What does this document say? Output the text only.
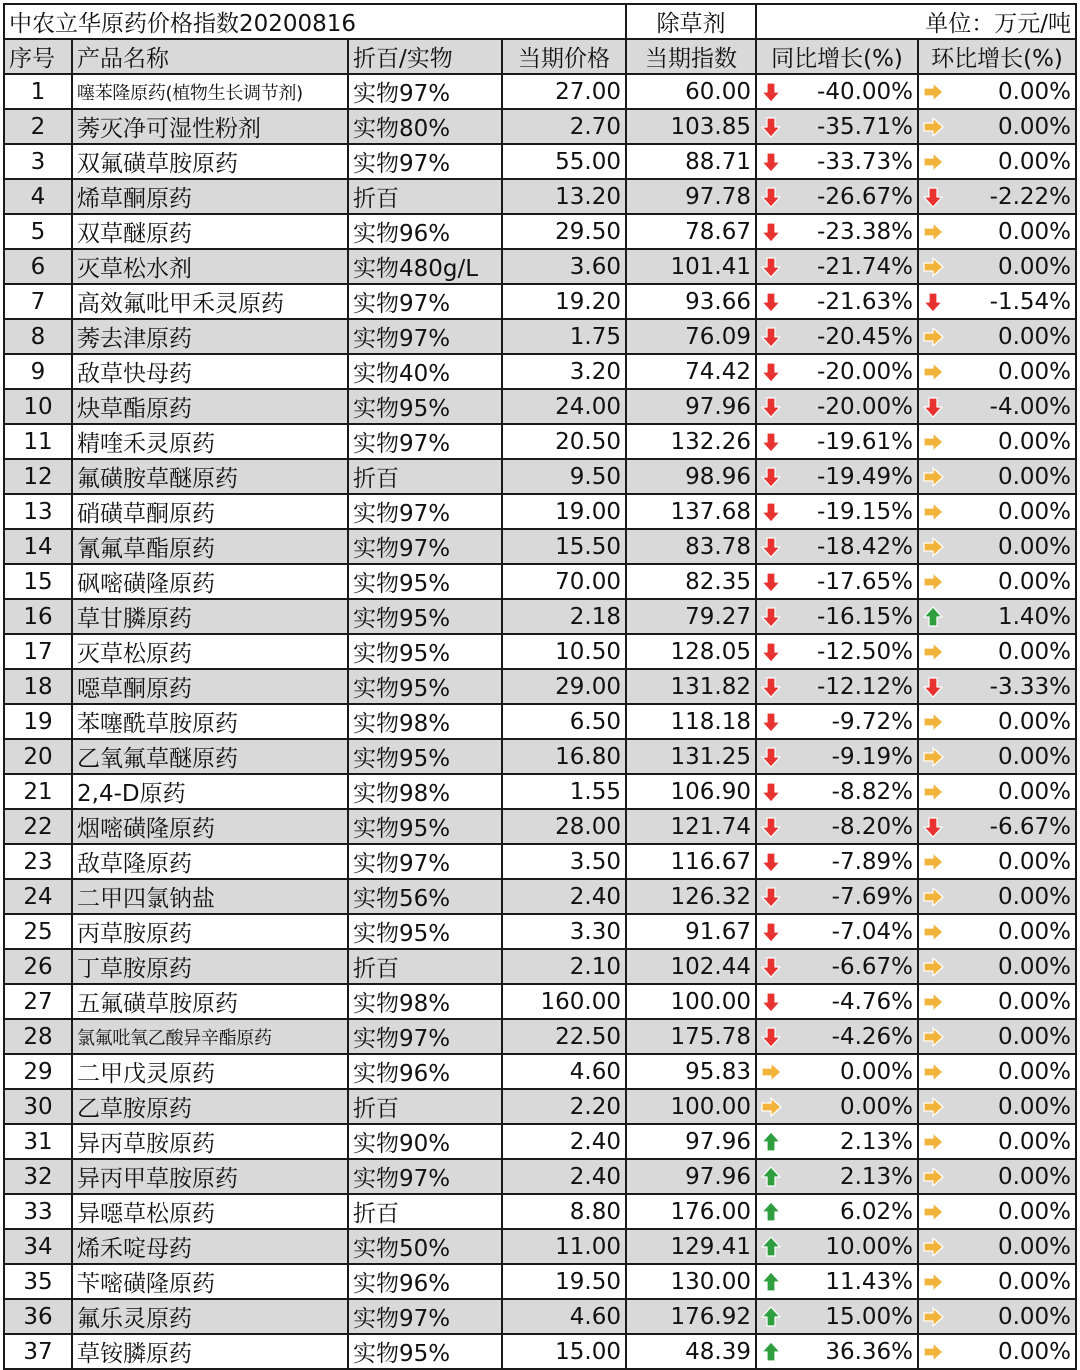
中农立华原药价格指数20200816				除草剂	单位：万元/吨	
序号	产品名称	折百/实物	当期价格	当期指数	同比增长(%)	环比增长(%)
1	噻苯隆原药(植物生长调节剂)	实物97%	27.00	60.00	-40.00%	0.00%
2	莠灭净可湿性粉剂	实物80%	2.70	103.85	-35.71%	0.00%
3	双氟磺草胺原药	实物97%	55.00	88.71	-33.73%	0.00%
4	烯草酮原药	折百	13.20	97.78	-26.67%	-2.22%
5	双草醚原药	实物96%	29.50	78.67	-23.38%	0.00%
6	灭草松水剂	实物480g/L	3.60	101.41	-21.74%	0.00%
7	高效氟吡甲禾灵原药	实物97%	19.20	93.66	-21.63%	-1.54%
8	莠去津原药	实物97%	1.75	76.09	-20.45%	0.00%
9	敌草快母药	实物40%	3.20	74.42	-20.00%	0.00%
10	炔草酯原药	实物95%	24.00	97.96	-20.00%	-4.00%
11	精喹禾灵原药	实物97%	20.50	132.26	-19.61%	0.00%
12	氟磺胺草醚原药	折百	9.50	98.96	-19.49%	0.00%
13	硝磺草酮原药	实物97%	19.00	137.68	-19.15%	0.00%
14	氰氟草酯原药	实物97%	15.50	83.78	-18.42%	0.00%
15	砜嘧磺隆原药	实物95%	70.00	82.35	-17.65%	0.00%
16	草甘膦原药	实物95%	2.18	79.27	-16.15%	1.40%
17	灭草松原药	实物95%	10.50	128.05	-12.50%	0.00%
18	噁草酮原药	实物95%	29.00	131.82	-12.12%	-3.33%
19	苯噻酰草胺原药	实物98%	6.50	118.18	-9.72%	0.00%
20	乙氧氟草醚原药	实物95%	16.80	131.25	-9.19%	0.00%
21	2,4-D原药	实物98%	1.55	106.90	-8.82%	0.00%
22	烟嘧磺隆原药	实物95%	28.00	121.74	-8.20%	-6.67%
23	敌草隆原药	实物97%	3.50	116.67	-7.89%	0.00%
24	二甲四氯钠盐	实物56%	2.40	126.32	-7.69%	0.00%
25	丙草胺原药	实物95%	3.30	91.67	-7.04%	0.00%
26	丁草胺原药	折百	2.10	102.44	-6.67%	0.00%
27	五氟磺草胺原药	实物98%	160.00	100.00	-4.76%	0.00%
28	氯氟吡氧乙酸异辛酯原药	实物97%	22.50	175.78	-4.26%	0.00%
29	二甲戊灵原药	实物96%	4.60	95.83	0.00%	0.00%
30	乙草胺原药	折百	2.20	100.00	0.00%	0.00%
31	异丙草胺原药	实物90%	2.40	97.96	2.13%	0.00%
32	异丙甲草胺原药	实物97%	2.40	97.96	2.13%	0.00%
33	异噁草松原药	折百	8.80	176.00	6.02%	0.00%
34	烯禾啶母药	实物50%	11.00	129.41	10.00%	0.00%
35	苄嘧磺隆原药	实物96%	19.50	130.00	11.43%	0.00%
36	氟乐灵原药	实物97%	4.60	176.92	15.00%	0.00%
37	草铵膦原药	实物95%	15.00	48.39	36.36%	0.00%
